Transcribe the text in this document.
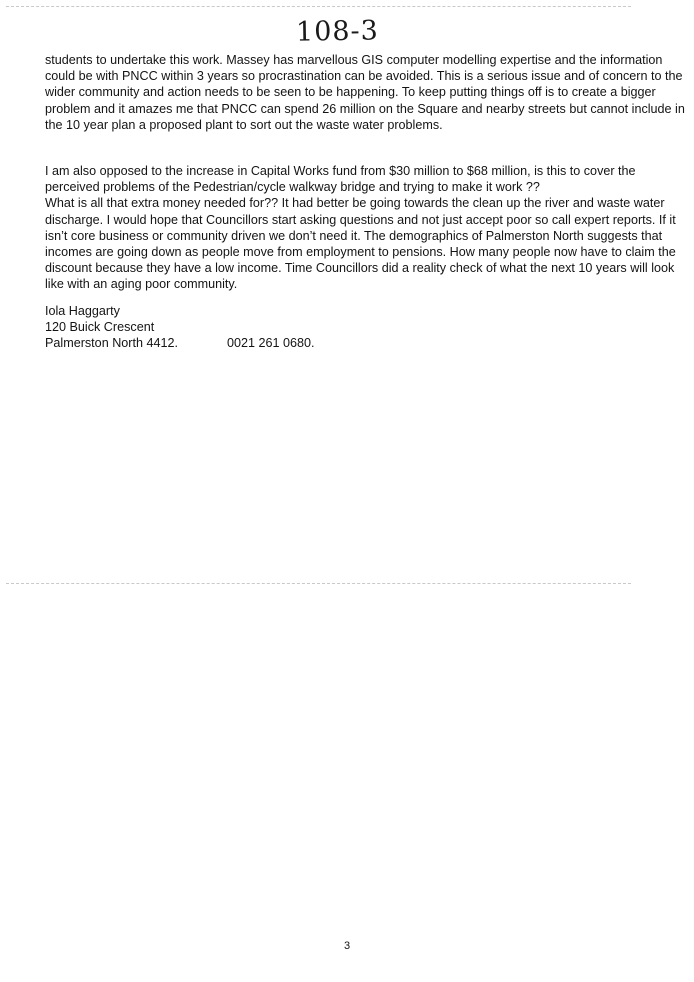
108-3
students to undertake this work. Massey has marvellous GIS computer modelling expertise and the information
could be with PNCC within 3 years so procrastination can be avoided. This is a serious issue and of concern to the
wider community and action needs to be seen to be happening. To keep putting things off is to create a bigger
problem and it amazes me that PNCC can spend 26 million on the Square and nearby streets but cannot include in
the 10 year plan a proposed plant to sort out the waste water problems.
I am also opposed to the increase in Capital Works fund from $30 million to $68 million, is this to cover the
perceived problems of the Pedestrian/cycle walkway bridge and trying to make it work ??
What is all that extra money needed for?? It had better be going towards the clean up the river and waste water
discharge. I would hope that Councillors start asking questions and not just accept poor so call expert reports. If it
isn’t core business or community driven we don’t need it. The demographics of Palmerston North suggests that
incomes are going down as people move from employment to pensions. How many people now have to claim the
discount because they have a low income. Time Councillors did a reality check of what the next 10 years will look
like with an aging poor community.
Iola Haggarty
120 Buick Crescent
Palmerston North 4412.	0021 261 0680.
3
